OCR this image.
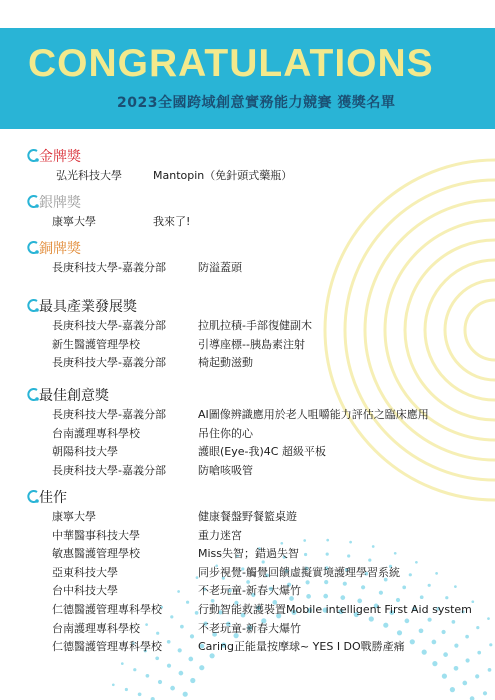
CONGRATULATIONS
2023全國跨域創意實務能力競賽 獲獎名單
金牌獎
弘光科技大學	Mantopin（免針頭式藥瓶）
銀牌獎
康寧大學	我來了!
銅牌獎
長庚科技大學-嘉義分部	防溢蓋頭
最具產業發展獎
長庚科技大學-嘉義分部	拉肌拉積-手部復健副木
新生醫護管理學校	引導座標--胰島素注射
長庚科技大學-嘉義分部	椅起動滋動
最佳創意獎
長庚科技大學-嘉義分部	AI圖像辨識應用於老人咀嚼能力評估之臨床應用
台南護理專科學校	吊住你的心
朝陽科技大學	護眼(Eye-我)4C 超級平板
長庚科技大學-嘉義分部	防嗆咳吸管
佳作
康寧大學	健康餐盤野餐籃桌遊
中華醫事科技大學	重力迷宮
敏惠醫護管理學校	Miss失智；錯過失智
亞東科技大學	同步視覺-觸覺回饋虛擬實境護理學習系統
台中科技大學	不老玩童-新春大爆竹
仁德醫護管理專科學校	行動智能救護裝置Mobile intelligent First Aid system
台南護理專科學校	不老玩童-新春大爆竹
仁德醫護管理專科學校	Caring正能量按摩球~ YES I DO戰勝產痛
